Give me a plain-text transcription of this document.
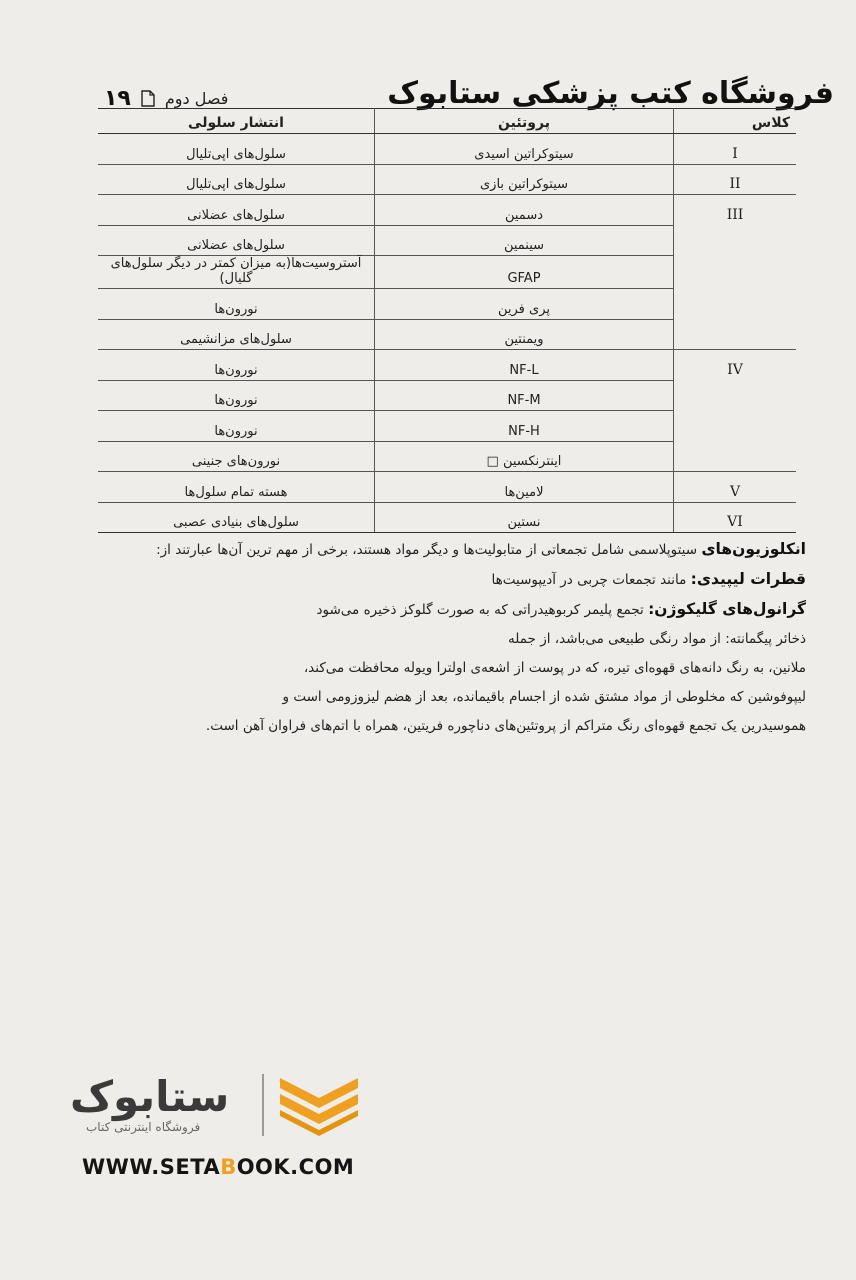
فروشگاه کتب پزشکی ستابوک
۱۹ فصل دوم
کلاس	پروتئین	انتشار سلولی
I	سیتوکراتین اسیدی	سلول‌های اپی‌تلیال
II	سیتوکراتین بازی	سلول‌های اپی‌تلیال
III	دسمین	سلول‌های عضلانی
	سینمین	سلول‌های عضلانی
	GFAP	آستروسیت‌ها(به میزان کمتر در دیگر سلول‌های گلیال)
	پری فرین	نورون‌ها
	ویمنتین	سلول‌های مزانشیمی
IV	NF-L	نورون‌ها
	NF-M	نورون‌ها
	NF-H	نورون‌ها
	اینترنکسین □	نورون‌های جنینی
V	لامین‌ها	هسته تمام سلول‌ها
VI	نستین	سلول‌های بنیادی عصبی

انکلوزیون‌های سیتوپلاسمی شامل تجمعاتی از متابولیت‌ها و دیگر مواد هستند، برخی از مهم ترین آن‌ها عبارتند از:

قطرات لیپیدی: مانند تجمعات چربی در آدیپوسیت‌ها

گرانول‌های گلیکوژن: تجمع پلیمر کربوهیدراتی که به صورت گلوکز ذخیره می‌شود

ذخائر پیگمانته: از مواد رنگی طبیعی می‌باشد، از جمله

ملانین، به رنگ دانه‌های قهوه‌ای تیره، که در پوست از اشعه‌ی اولترا ویوله محافظت می‌کند،

لیپوفوشین که مخلوطی از مواد مشتق شده از اجسام باقیمانده، بعد از هضم لیزوزومی است و

هموسیدرین یک تجمع قهوه‌ای رنگ متراکم از پروتئین‌های دناچوره فریتین، همراه با اتم‌های فراوان آهن است.

ستابوک
فروشگاه اینترنتی کتاب
WWW.SETABOOK.COM
